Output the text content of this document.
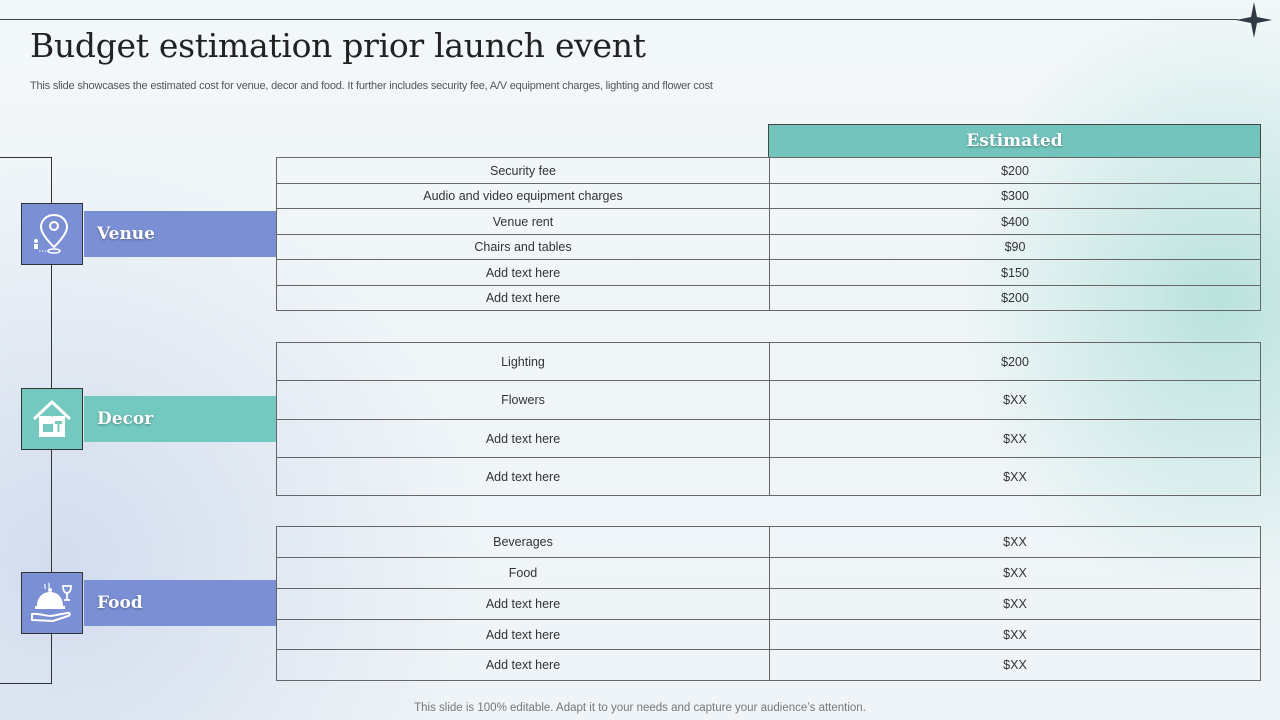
Budget estimation prior launch event
This slide showcases the estimated cost for venue, decor and food. It further includes security fee, A/V equipment charges, lighting and flower cost
Venue
Decor
Food
Estimated
Security fee	$200
Audio and video equipment charges	$300
Venue rent	$400
Chairs and tables	$90
Add text here	$150
Add text here	$200
Lighting	$200
Flowers	$XX
Add text here	$XX
Add text here	$XX
Beverages	$XX
Food	$XX
Add text here	$XX
Add text here	$XX
Add text here	$XX
This slide is 100% editable. Adapt it to your needs and capture your audience’s attention.
